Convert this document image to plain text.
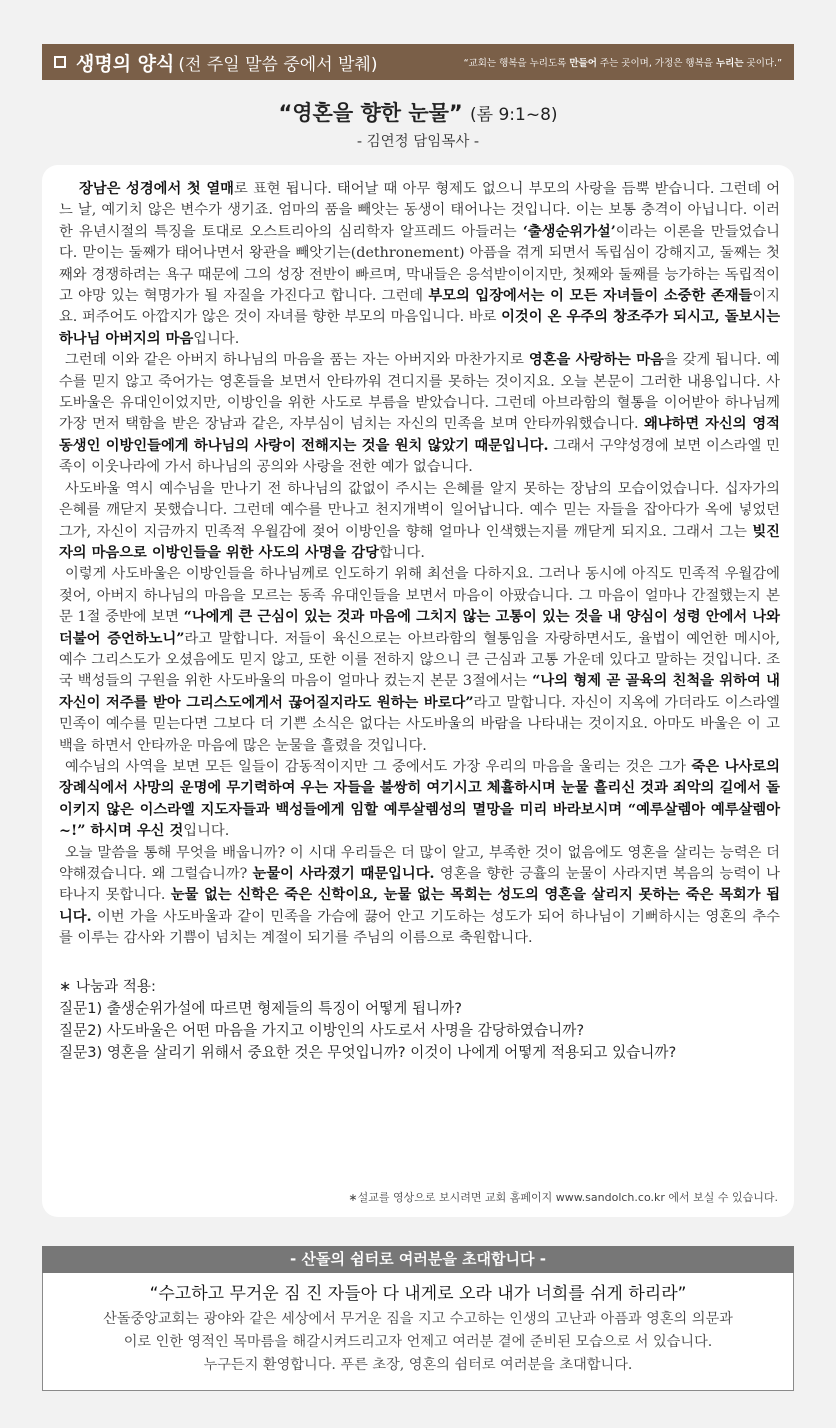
생명의 양식 (전 주일 말씀 중에서 발췌)	“교회는 행복을 누리도록 만들어 주는 곳이며, 가정은 행복을 누리는 곳이다.”
“영혼을 향한 눈물” (롬 9:1~8)
- 김연정 담임목사 -

장남은 성경에서 첫 열매로 표현 됩니다. 태어날 때 아무 형제도 없으니 부모의 사랑을 듬뿍 받습니다. 그런데 어느 날, 예기치 않은 변수가 생기죠. 엄마의 품을 빼앗는 동생이 태어나는 것입니다. 이는 보통 충격이 아닙니다. 이러한 유년시절의 특징을 토대로 오스트리아의 심리학자 알프레드 아들러는 ‘출생순위가설’이라는 이론을 만들었습니다. 맏이는 둘째가 태어나면서 왕관을 빼앗기는(dethronement) 아픔을 겪게 되면서 독립심이 강해지고, 둘째는 첫째와 경쟁하려는 욕구 때문에 그의 성장 전반이 빠르며, 막내들은 응석받이이지만, 첫째와 둘째를 능가하는 독립적이고 야망 있는 혁명가가 될 자질을 가진다고 합니다. 그런데 부모의 입장에서는 이 모든 자녀들이 소중한 존재들이지요. 퍼주어도 아깝지가 않은 것이 자녀를 향한 부모의 마음입니다. 바로 이것이 온 우주의 창조주가 되시고, 돌보시는 하나님 아버지의 마음입니다.

그런데 이와 같은 아버지 하나님의 마음을 품는 자는 아버지와 마찬가지로 영혼을 사랑하는 마음을 갖게 됩니다. 예수를 믿지 않고 죽어가는 영혼들을 보면서 안타까워 견디지를 못하는 것이지요. 오늘 본문이 그러한 내용입니다. 사도바울은 유대인이었지만, 이방인을 위한 사도로 부름을 받았습니다. 그런데 아브라함의 혈통을 이어받아 하나님께 가장 먼저 택함을 받은 장남과 같은, 자부심이 넘치는 자신의 민족을 보며 안타까워했습니다. 왜냐하면 자신의 영적 동생인 이방인들에게 하나님의 사랑이 전해지는 것을 원치 않았기 때문입니다. 그래서 구약성경에 보면 이스라엘 민족이 이웃나라에 가서 하나님의 공의와 사랑을 전한 예가 없습니다.

사도바울 역시 예수님을 만나기 전 하나님의 값없이 주시는 은혜를 알지 못하는 장남의 모습이었습니다. 십자가의 은혜를 깨닫지 못했습니다. 그런데 예수를 만나고 천지개벽이 일어납니다. 예수 믿는 자들을 잡아다가 옥에 넣었던 그가, 자신이 지금까지 민족적 우월감에 젖어 이방인을 향해 얼마나 인색했는지를 깨닫게 되지요. 그래서 그는 빚진 자의 마음으로 이방인들을 위한 사도의 사명을 감당합니다.

이렇게 사도바울은 이방인들을 하나님께로 인도하기 위해 최선을 다하지요. 그러나 동시에 아직도 민족적 우월감에 젖어, 아버지 하나님의 마음을 모르는 동족 유대인들을 보면서 마음이 아팠습니다. 그 마음이 얼마나 간절했는지 본문 1절 중반에 보면 “나에게 큰 근심이 있는 것과 마음에 그치지 않는 고통이 있는 것을 내 양심이 성령 안에서 나와 더불어 증언하노니”라고 말합니다. 저들이 육신으로는 아브라함의 혈통임을 자랑하면서도, 율법이 예언한 메시아, 예수 그리스도가 오셨음에도 믿지 않고, 또한 이를 전하지 않으니 큰 근심과 고통 가운데 있다고 말하는 것입니다. 조국 백성들의 구원을 위한 사도바울의 마음이 얼마나 컸는지 본문 3절에서는 “나의 형제 곧 골육의 친척을 위하여 내 자신이 저주를 받아 그리스도에게서 끊어질지라도 원하는 바로다”라고 말합니다. 자신이 지옥에 가더라도 이스라엘 민족이 예수를 믿는다면 그보다 더 기쁜 소식은 없다는 사도바울의 바람을 나타내는 것이지요. 아마도 바울은 이 고백을 하면서 안타까운 마음에 많은 눈물을 흘렸을 것입니다.

예수님의 사역을 보면 모든 일들이 감동적이지만 그 중에서도 가장 우리의 마음을 울리는 것은 그가 죽은 나사로의 장례식에서 사망의 운명에 무기력하여 우는 자들을 불쌍히 여기시고 체휼하시며 눈물 흘리신 것과 죄악의 길에서 돌이키지 않은 이스라엘 지도자들과 백성들에게 임할 예루살렘성의 멸망을 미리 바라보시며 “예루살렘아 예루살렘아~!” 하시며 우신 것입니다.

오늘 말씀을 통해 무엇을 배웁니까? 이 시대 우리들은 더 많이 알고, 부족한 것이 없음에도 영혼을 살리는 능력은 더 약해졌습니다. 왜 그럴습니까? 눈물이 사라졌기 때문입니다. 영혼을 향한 긍휼의 눈물이 사라지면 복음의 능력이 나타나지 못합니다. 눈물 없는 신학은 죽은 신학이요, 눈물 없는 목회는 성도의 영혼을 살리지 못하는 죽은 목회가 됩니다. 이번 가을 사도바울과 같이 민족을 가슴에 끓어 안고 기도하는 성도가 되어 하나님이 기뻐하시는 영혼의 추수를 이루는 감사와 기쁨이 넘치는 계절이 되기를 주님의 이름으로 축원합니다.

∗ 나눔과 적용:
질문1) 출생순위가설에 따르면 형제들의 특징이 어떻게 됩니까?
질문2) 사도바울은 어떤 마음을 가지고 이방인의 사도로서 사명을 감당하였습니까?
질문3) 영혼을 살리기 위해서 중요한 것은 무엇입니까? 이것이 나에게 어떻게 적용되고 있습니까?
∗설교를 영상으로 보시려면 교회 홈페이지 www.sandolch.co.kr 에서 보실 수 있습니다.
- 산돌의 쉼터로 여러분을 초대합니다 -
“수고하고 무거운 짐 진 자들아 다 내게로 오라 내가 너희를 쉬게 하리라”
산돌중앙교회는 광야와 같은 세상에서 무거운 짐을 지고 수고하는 인생의 고난과 아픔과 영혼의 의문과
이로 인한 영적인 목마름을 해갈시켜드리고자 언제고 여러분 곁에 준비된 모습으로 서 있습니다.
누구든지 환영합니다. 푸른 초장, 영혼의 쉼터로 여러분을 초대합니다.
